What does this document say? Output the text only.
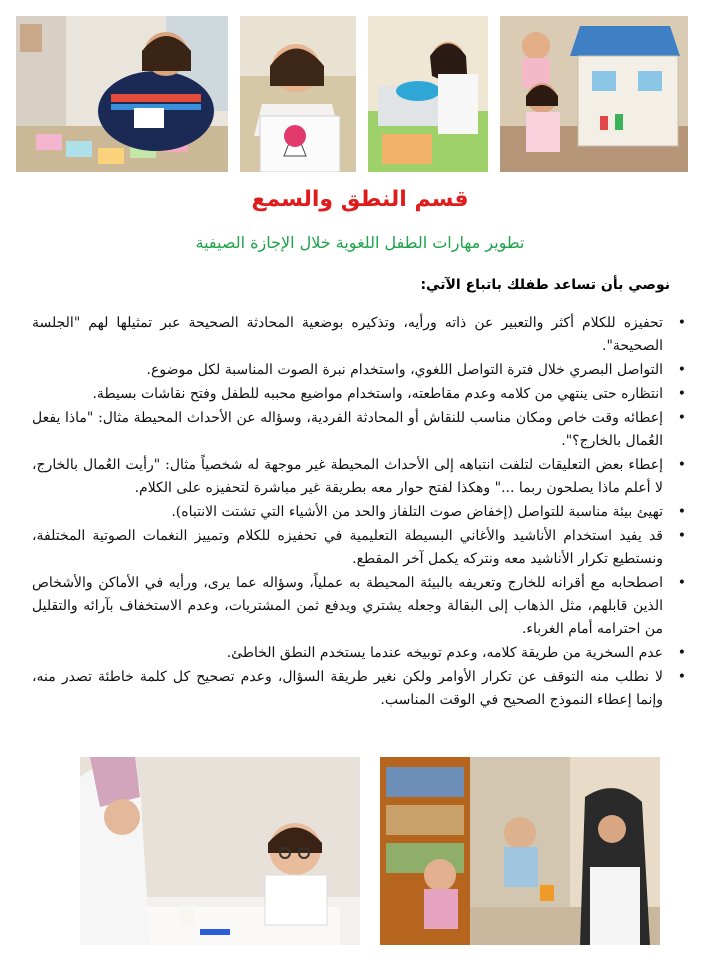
قسم النطق والسمع
تطوير مهارات الطفل اللغوية خلال الإجازة الصيفية
نوصي بأن تساعد طفلك باتباع الآتي:
•
تحفيزه للكلام أكثر والتعبير عن ذاته ورأيه، وتذكيره بوضعية المحادثة الصحيحة عبر تمثيلها لهم "الجلسة الصحيحة".
•
التواصل البصري خلال فترة التواصل اللغوي، واستخدام نبرة الصوت المناسبة لكل موضوع.
•
انتظاره حتى ينتهي من كلامه وعدم مقاطعته، واستخدام مواضيع محببه للطفل وفتح نقاشات بسيطة.
•
إعطائه وقت خاص ومكان مناسب للنقاش أو المحادثة الفردية، وسؤاله عن الأحداث المحيطة مثال: "ماذا يفعل العُمال بالخارج؟".
•
إعطاء بعض التعليقات لتلفت انتباهه إلى الأحداث المحيطة غير موجهة له شخصياً مثال: "رأيت العُمال بالخارج، لا أعلم ماذا يصلحون ربما ..." وهكذا لفتح حوار معه بطريقة غير مباشرة لتحفيزه على الكلام.
•
تهيئ بيئة مناسبة للتواصل (إخفاض صوت التلفاز والحد من الأشياء التي تشتت الانتباه).
•
قد يفيد استخدام الأناشيد والأغاني البسيطة التعليمية في تحفيزه للكلام وتمييز النغمات الصوتية المختلفة، ونستطيع تكرار الأناشيد معه ونتركه يكمل آخر المقطع.
•
اصطحابه مع أقرانه للخارج وتعريفه بالبيئة المحيطة به عملياً، وسؤاله عما يرى، ورأيه في الأماكن والأشخاص الذين قابلهم، مثل الذهاب إلى البقالة وجعله يشتري ويدفع ثمن المشتريات، وعدم الاستخفاف بآرائه والتقليل من احترامه أمام الغرباء.
•
عدم السخرية من طريقة كلامه، وعدم توبيخه عندما يستخدم النطق الخاطئ.
•
لا نطلب منه التوقف عن تكرار الأوامر ولكن نغير طريقة السؤال، وعدم تصحيح كل كلمة خاطئة تصدر منه، وإنما إعطاء النموذج الصحيح في الوقت المناسب.
